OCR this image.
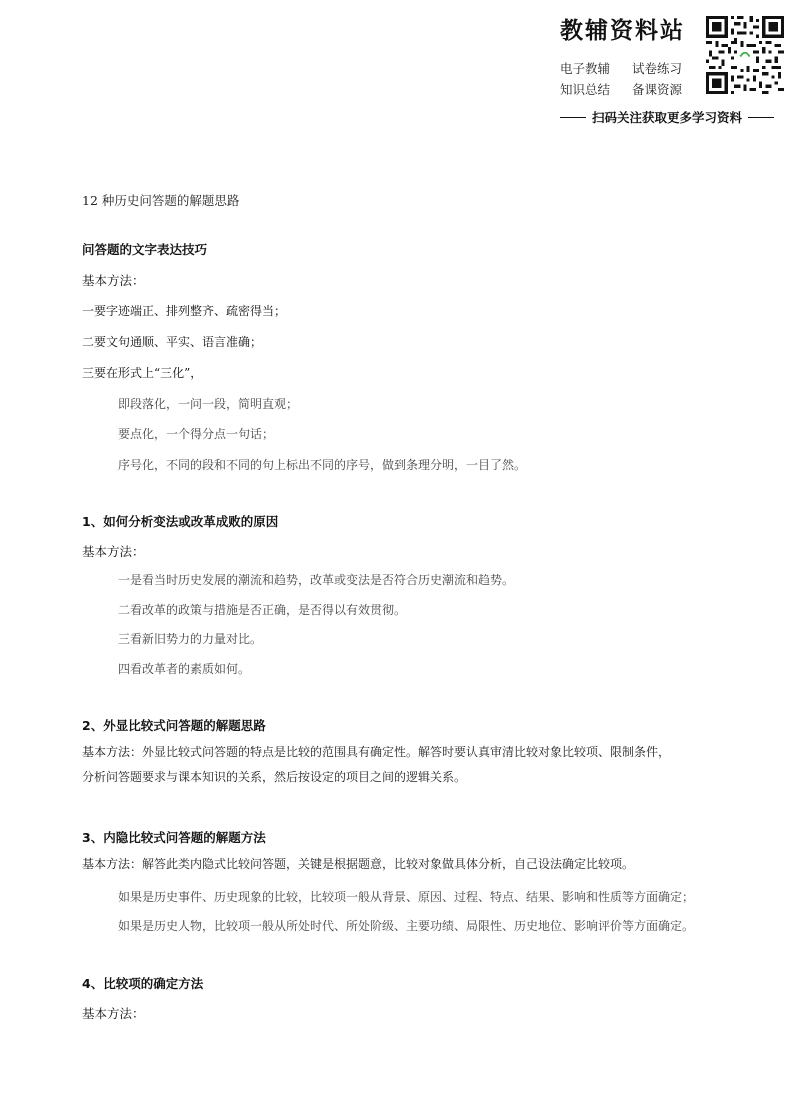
教辅资料站
电子教辅	试卷练习
知识总结	备课资源
扫码关注获取更多学习资料
12 种历史问答题的解题思路
问答题的文字表达技巧
基本方法：
一要字迹端正、排列整齐、疏密得当；
二要文句通顺、平实、语言准确；
三要在形式上“三化”，
即段落化，一问一段，简明直观；
要点化，一个得分点一句话；
序号化，不同的段和不同的句上标出不同的序号，做到条理分明，一目了然。
1、如何分析变法或改革成败的原因
基本方法：
一是看当时历史发展的潮流和趋势，改革或变法是否符合历史潮流和趋势。
二看改革的政策与措施是否正确，是否得以有效贯彻。
三看新旧势力的力量对比。
四看改革者的素质如何。
2、外显比较式问答题的解题思路
基本方法：外显比较式问答题的特点是比较的范围具有确定性。解答时要认真审清比较对象比较项、限制条件，分析问答题要求与课本知识的关系，然后按设定的项目之间的逻辑关系。
3、内隐比较式问答题的解题方法
基本方法：解答此类内隐式比较问答题，关键是根据题意，比较对象做具体分析，自己设法确定比较项。
如果是历史事件、历史现象的比较，比较项一般从背景、原因、过程、特点、结果、影响和性质等方面确定；
如果是历史人物，比较项一般从所处时代、所处阶级、主要功绩、局限性、历史地位、影响评价等方面确定。
4、比较项的确定方法
基本方法：
